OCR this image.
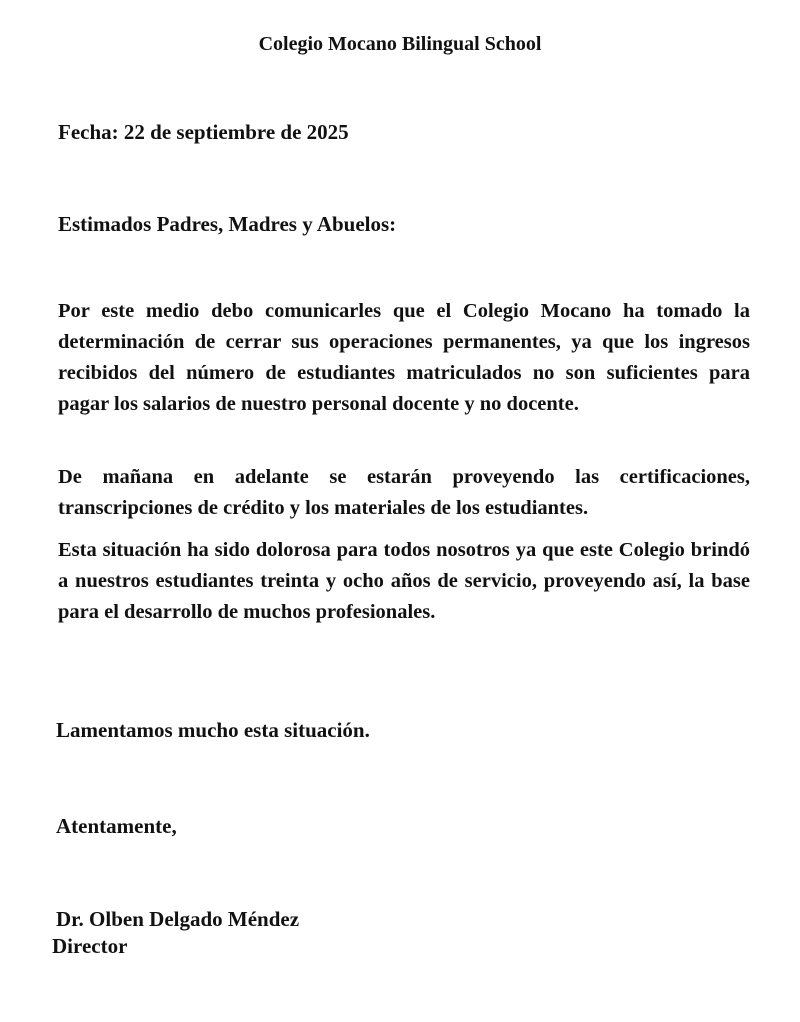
Colegio Mocano Bilingual School
Fecha: 22 de septiembre de 2025
Estimados Padres, Madres y Abuelos:
Por este medio debo comunicarles que el Colegio Mocano ha tomado la determinación de cerrar sus operaciones permanentes, ya que los ingresos recibidos del número de estudiantes matriculados no son suficientes para pagar los salarios de nuestro personal docente y no docente.
De mañana en adelante se estarán proveyendo las certificaciones, transcripciones de crédito y los materiales de los estudiantes.
Esta situación ha sido dolorosa para todos nosotros ya que este Colegio brindó a nuestros estudiantes treinta y ocho años de servicio, proveyendo así, la base para el desarrollo de muchos profesionales.
Lamentamos mucho esta situación.
Atentamente,
Dr. Olben Delgado Méndez
Director
